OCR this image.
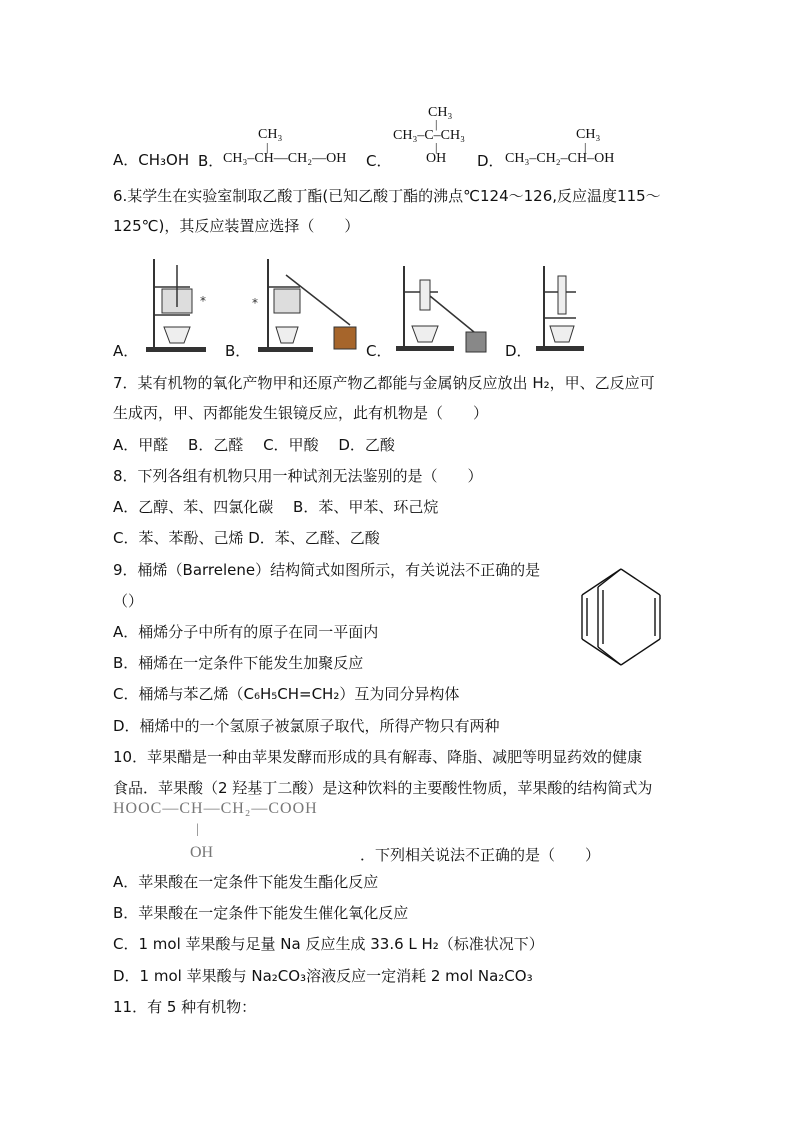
A．CH₃OH B．
CH₃
|
CH₃–CH—CH₂—OH C．
CH₃
|
CH₃–C–CH₃
|
OH D．
CH₃
|
CH₃–CH₂–CH–OH
6.某学生在实验室制取乙酸丁酯(已知乙酸丁酯的沸点℃124～126,反应温度115～
125℃)，其反应装置应选择（　　）
*
A．
*
B．	C．	D．
7．某有机物的氧化产物甲和还原产物乙都能与金属钠反应放出 H₂，甲、乙反应可
生成丙，甲、丙都能发生银镜反应，此有机物是（　　）
A．甲醛　 B．乙醛　 C．甲酸　 D．乙酸
8．下列各组有机物只用一种试剂无法鉴别的是（　　）
A．乙醇、苯、四氯化碳　 B．苯、甲苯、环己烷
C．苯、苯酚、己烯 D．苯、乙醛、乙酸
9．桶烯（Barrelene）结构简式如图所示，有关说法不正确的是
（）
A．桶烯分子中所有的原子在同一平面内
B．桶烯在一定条件下能发生加聚反应
C．桶烯与苯乙烯（C₆H₅CH=CH₂）互为同分异构体
D．桶烯中的一个氢原子被氯原子取代，所得产物只有两种
10．苹果醋是一种由苹果发酵而形成的具有解毒、降脂、减肥等明显药效的健康
食品．苹果酸（2 羟基丁二酸）是这种饮料的主要酸性物质，苹果酸的结构简式为
HOOC—CH—CH₂—COOH
|
OH	．下列相关说法不正确的是（　　）
A．苹果酸在一定条件下能发生酯化反应
B．苹果酸在一定条件下能发生催化氧化反应
C．1 mol 苹果酸与足量 Na 反应生成 33.6 L H₂（标准状况下）
D．1 mol 苹果酸与 Na₂CO₃溶液反应一定消耗 2 mol Na₂CO₃
11．有 5 种有机物：
